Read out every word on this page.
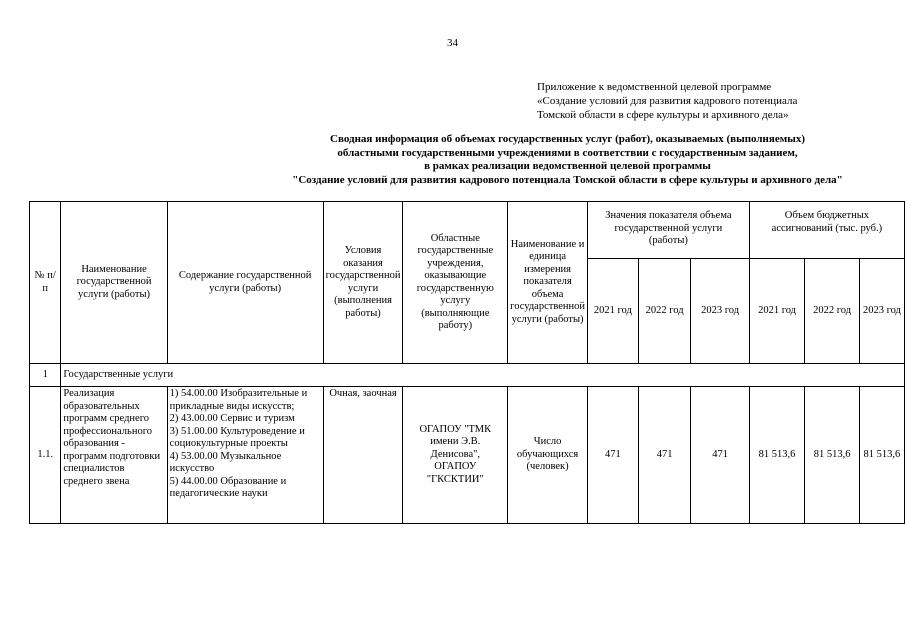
34
Приложение к ведомственной целевой программе
«Создание условий для развития кадрового потенциала
Томской области в сфере культуры и архивного дела»
Сводная информация об объемах государственных услуг (работ), оказываемых (выполняемых)
областными государственными учреждениями в соответствии с государственным заданием,
в рамках реализации ведомственной целевой программы
"Создание условий для развития кадрового потенциала Томской области в сфере культуры и архивного дела"
№ п/п	Наименование государственной услуги (работы)	Содержание государственной услуги (работы)	Условия оказания государственной услуги (выполнения работы)	Областные государственные учреждения, оказывающие государственную услугу (выполняющие работу)	Наименование и единица измерения показателя объема государственной услуги (работы)	Значения показателя объема государственной услуги (работы)			Объем бюджетных ассигнований (тыс. руб.)		
						2021 год	2022 год	2023 год	2021 год	2022 год	2023 год
1	Государственные услуги										
1.1.	Реализация образовательных программ среднего профессионального образования - программ подготовки специалистов среднего звена	1) 54.00.00 Изобразительные и прикладные виды искусств;
2) 43.00.00 Сервис и туризм
3) 51.00.00 Культуроведение и социокультурные проекты
4) 53.00.00 Музыкальное искусство
5) 44.00.00 Образование и педагогические науки	Очная, заочная	ОГАПОУ "ТМК имени Э.В. Денисова", ОГАПОУ "ГКСКТИИ"	Число обучающихся (человек)	471	471	471	81 513,6	81 513,6	81 513,6
